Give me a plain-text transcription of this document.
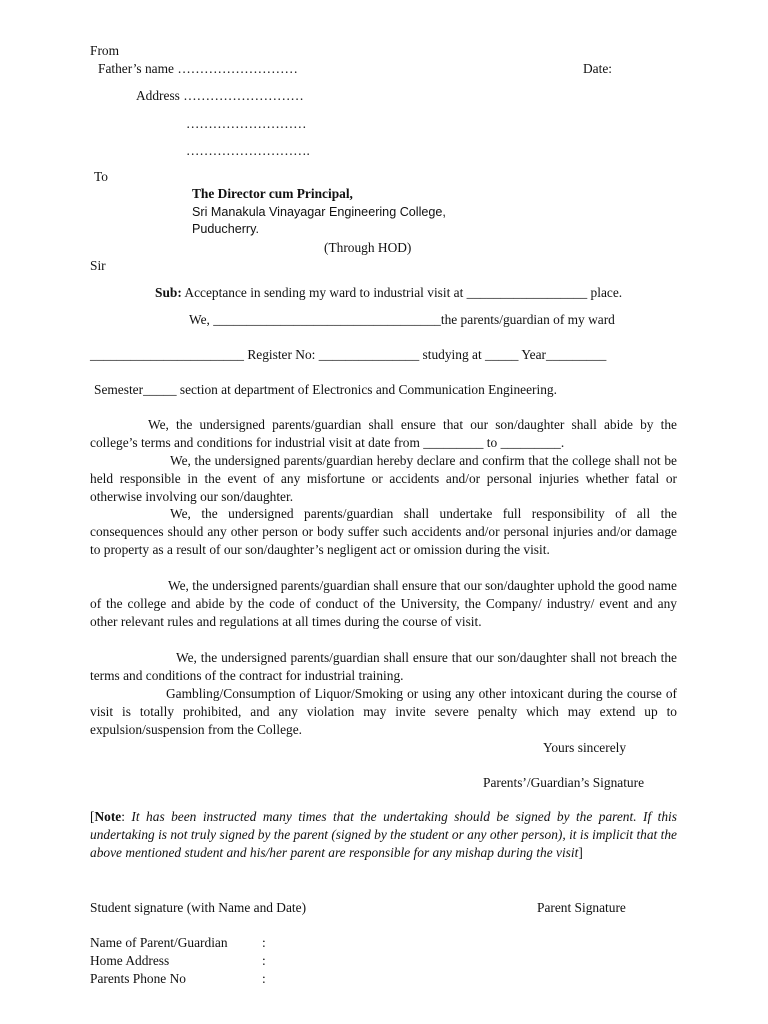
From
Father’s name ………………………	Date:
Address ………………………
………………………
……………………….
To
The Director cum Principal,
Sri Manakula Vinayagar Engineering College,
Puducherry.
(Through HOD)
Sir
Sub: Acceptance in sending my ward to industrial visit at __________________ place.
We, __________________________________the parents/guardian of my ward
_______________________ Register No: _______________ studying at _____ Year_________
Semester_____ section at department of Electronics and Communication Engineering.
We, the undersigned parents/guardian shall ensure that our son/daughter shall abide by the college’s terms and conditions for industrial visit at date from _________ to _________.
We, the undersigned parents/guardian hereby declare and confirm that the college shall not be held responsible in the event of any misfortune or accidents and/or personal injuries whether fatal or otherwise involving our son/daughter.
We, the undersigned parents/guardian shall undertake full responsibility of all the consequences should any other person or body suffer such accidents and/or personal injuries and/or damage to property as a result of our son/daughter’s negligent act or omission during the visit.
We, the undersigned parents/guardian shall ensure that our son/daughter uphold the good name of the college and abide by the code of conduct of the University, the Company/ industry/ event and any other relevant rules and regulations at all times during the course of visit.
We, the undersigned parents/guardian shall ensure that our son/daughter shall not breach the terms and conditions of the contract for industrial training.
Gambling/Consumption of Liquor/Smoking or using any other intoxicant during the course of visit is totally prohibited, and any violation may invite severe penalty which may extend up to expulsion/suspension from the College.
Yours sincerely
Parents’/Guardian’s Signature
[Note: It has been instructed many times that the undertaking should be signed by the parent. If this undertaking is not truly signed by the parent (signed by the student or any other person), it is implicit that the above mentioned student and his/her parent are responsible for any mishap during the visit]
Student signature (with Name and Date)	Parent Signature
Name of Parent/Guardian	:
Home Address	:
Parents Phone No	:
